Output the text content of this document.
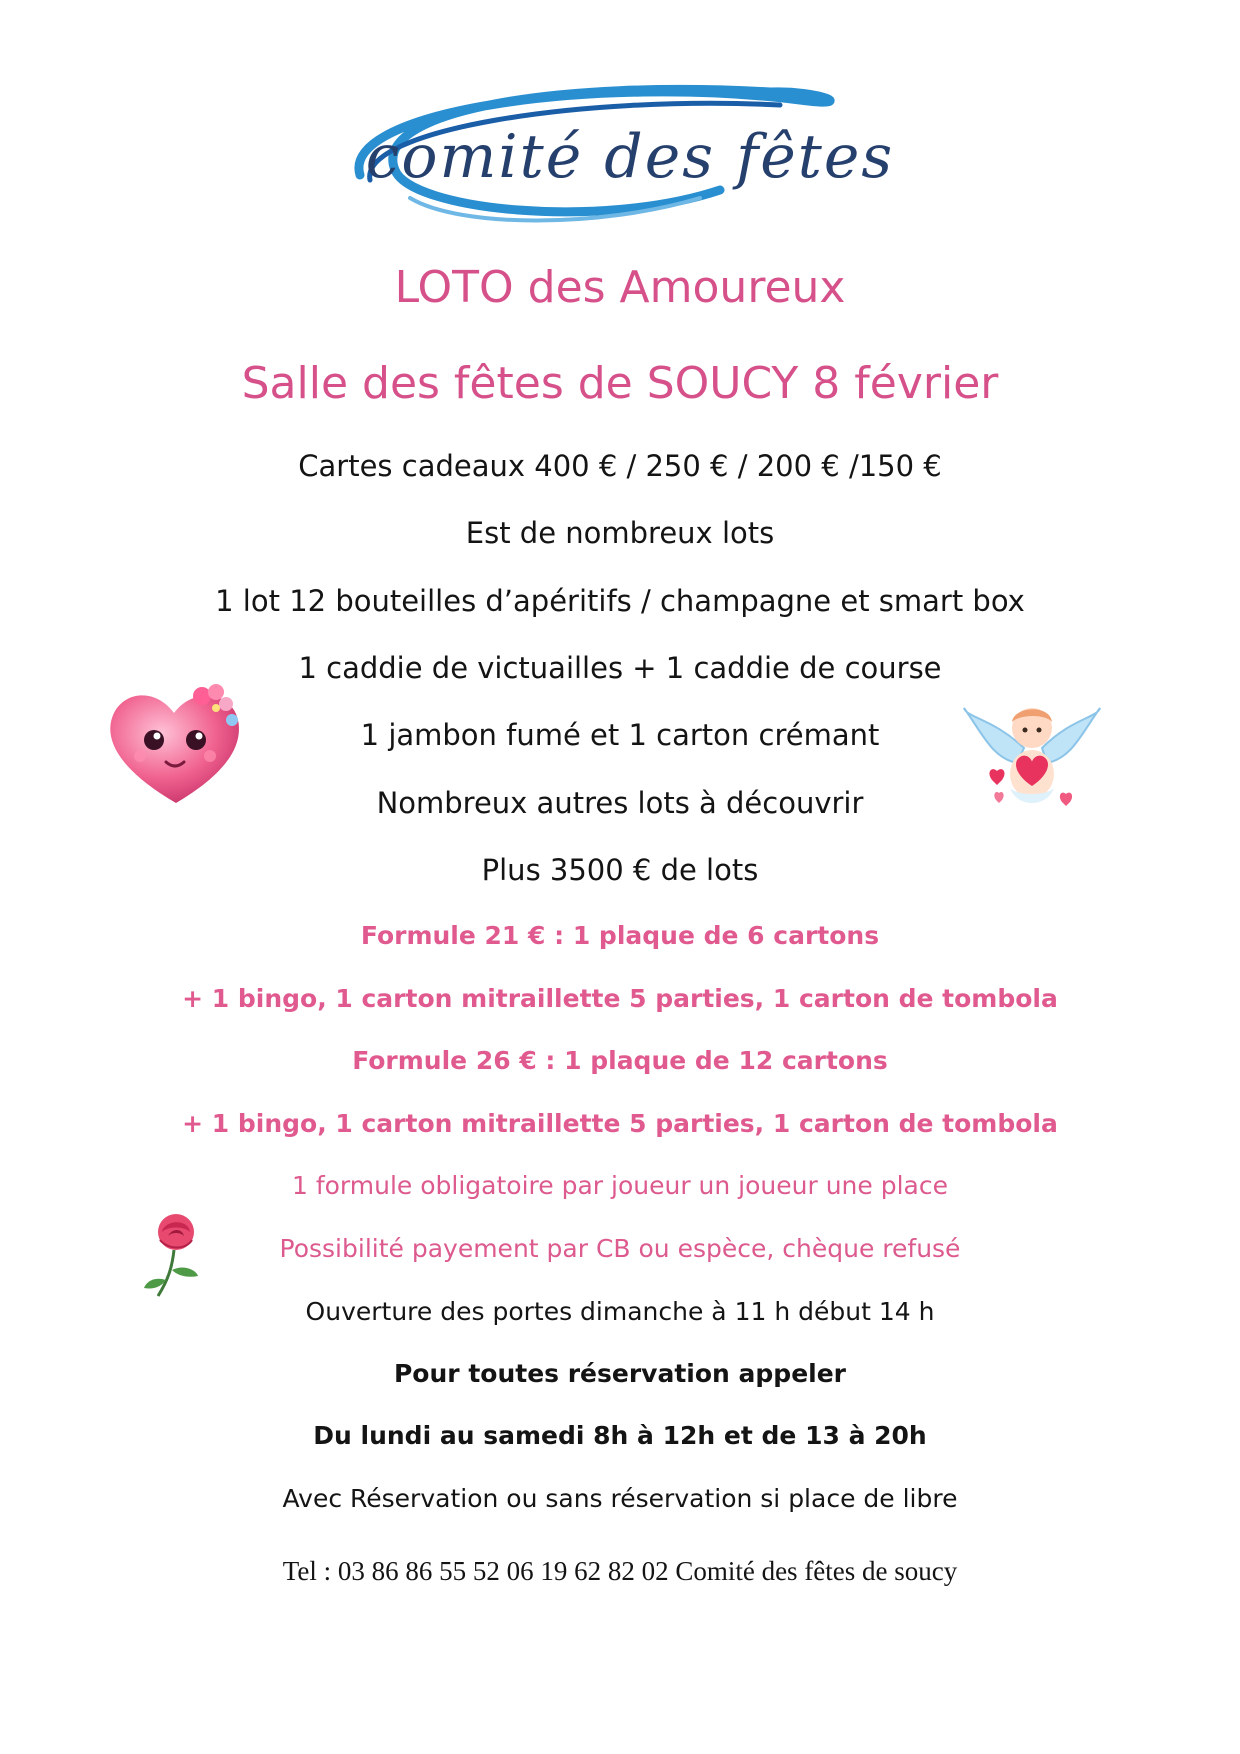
comité des fêtes
LOTO des Amoureux
Salle des fêtes de SOUCY 8 février
Cartes cadeaux 400 € / 250 € / 200 € /150 €
Est de nombreux lots
1 lot 12 bouteilles d’apéritifs / champagne et smart box
1 caddie de victuailles + 1 caddie de course
1 jambon fumé et 1 carton crémant
Nombreux autres lots à découvrir
Plus 3500 € de lots
Formule 21 € : 1 plaque de 6 cartons
+ 1 bingo, 1 carton mitraillette 5 parties, 1 carton de tombola
Formule 26 € : 1 plaque de 12 cartons
+ 1 bingo, 1 carton mitraillette 5 parties, 1 carton de tombola
1 formule obligatoire par joueur un joueur une place
Possibilité payement par CB ou espèce, chèque refusé
Ouverture des portes dimanche à 11 h début 14 h
Pour toutes réservation appeler
Du lundi au samedi 8h à 12h et de 13 à 20h
Avec Réservation ou sans réservation si place de libre
Tel : 03 86 86 55 52 06 19 62 82 02 Comité des fêtes de soucy
